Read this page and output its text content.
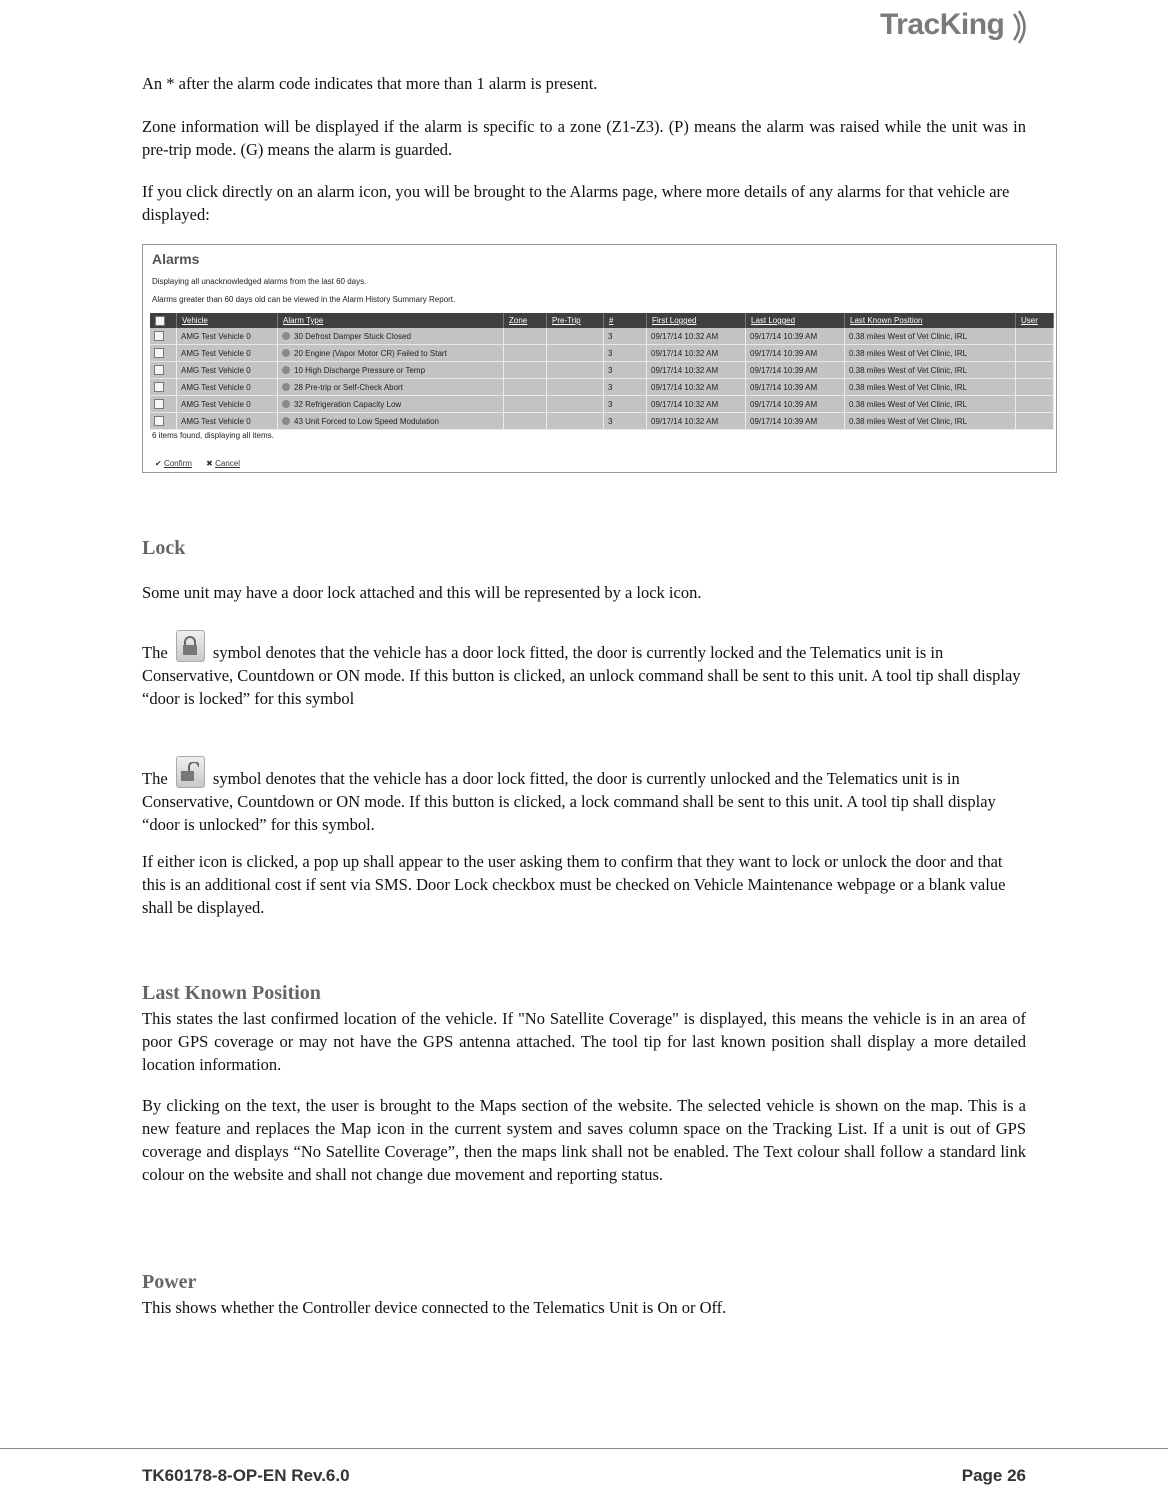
TracKing

An * after the alarm code indicates that more than 1 alarm is present.

Zone information will be displayed if the alarm is specific to a zone (Z1-Z3). (P) means the alarm was raised while the unit was in pre-trip mode. (G) means the alarm is guarded.

If you click directly on an alarm icon, you will be brought to the Alarms page, where more details of any alarms for that vehicle are displayed:

Alarms
Displaying all unacknowledged alarms from the last 60 days.
Alarms greater than 60 days old can be viewed in the Alarm History Summary Report.
	Vehicle	Alarm Type	Zone	Pre-Trip	#	First Logged	Last Logged	Last Known Position	User
	AMG Test Vehicle 0	30 Defrost Damper Stuck Closed			3	09/17/14 10:32 AM	09/17/14 10:39 AM	0.38 miles West of Vet Clinic, IRL	
	AMG Test Vehicle 0	20 Engine (Vapor Motor CR) Failed to Start			3	09/17/14 10:32 AM	09/17/14 10:39 AM	0.38 miles West of Vet Clinic, IRL	
	AMG Test Vehicle 0	10 High Discharge Pressure or Temp			3	09/17/14 10:32 AM	09/17/14 10:39 AM	0.38 miles West of Vet Clinic, IRL	
	AMG Test Vehicle 0	28 Pre-trip or Self-Check Abort			3	09/17/14 10:32 AM	09/17/14 10:39 AM	0.38 miles West of Vet Clinic, IRL	
	AMG Test Vehicle 0	32 Refrigeration Capacity Low			3	09/17/14 10:32 AM	09/17/14 10:39 AM	0.38 miles West of Vet Clinic, IRL	
	AMG Test Vehicle 0	43 Unit Forced to Low Speed Modulation			3	09/17/14 10:32 AM	09/17/14 10:39 AM	0.38 miles West of Vet Clinic, IRL	
6 items found, displaying all items.
✔ Confirm ✖ Cancel
Lock

Some unit may have a door lock attached and this will be represented by a lock icon.

The	symbol denotes that the vehicle has a door lock fitted, the door is currently locked and the Telematics unit is in Conservative, Countdown or ON mode. If this button is clicked, an unlock command shall be sent to this unit. A tool tip shall display “door is locked” for this symbol

The	symbol denotes that the vehicle has a door lock fitted, the door is currently unlocked and the Telematics unit is in Conservative, Countdown or ON mode. If this button is clicked, a lock command shall be sent to this unit. A tool tip shall display “door is unlocked” for this symbol.

If either icon is clicked, a pop up shall appear to the user asking them to confirm that they want to lock or unlock the door and that this is an additional cost if sent via SMS. Door Lock checkbox must be checked on Vehicle Maintenance webpage or a blank value shall be displayed.

Last Known Position

This states the last confirmed location of the vehicle. If "No Satellite Coverage" is displayed, this means the vehicle is in an area of poor GPS coverage or may not have the GPS antenna attached. The tool tip for last known position shall display a more detailed location information.

By clicking on the text, the user is brought to the Maps section of the website. The selected vehicle is shown on the map. This is a new feature and replaces the Map icon in the current system and saves column space on the Tracking List. If a unit is out of GPS coverage and displays “No Satellite Coverage”, then the maps link shall not be enabled. The Text colour shall follow a standard link colour on the website and shall not change due movement and reporting status.

Power

This shows whether the Controller device connected to the Telematics Unit is On or Off.

TK60178-8-OP-EN Rev.6.0	Page 26
